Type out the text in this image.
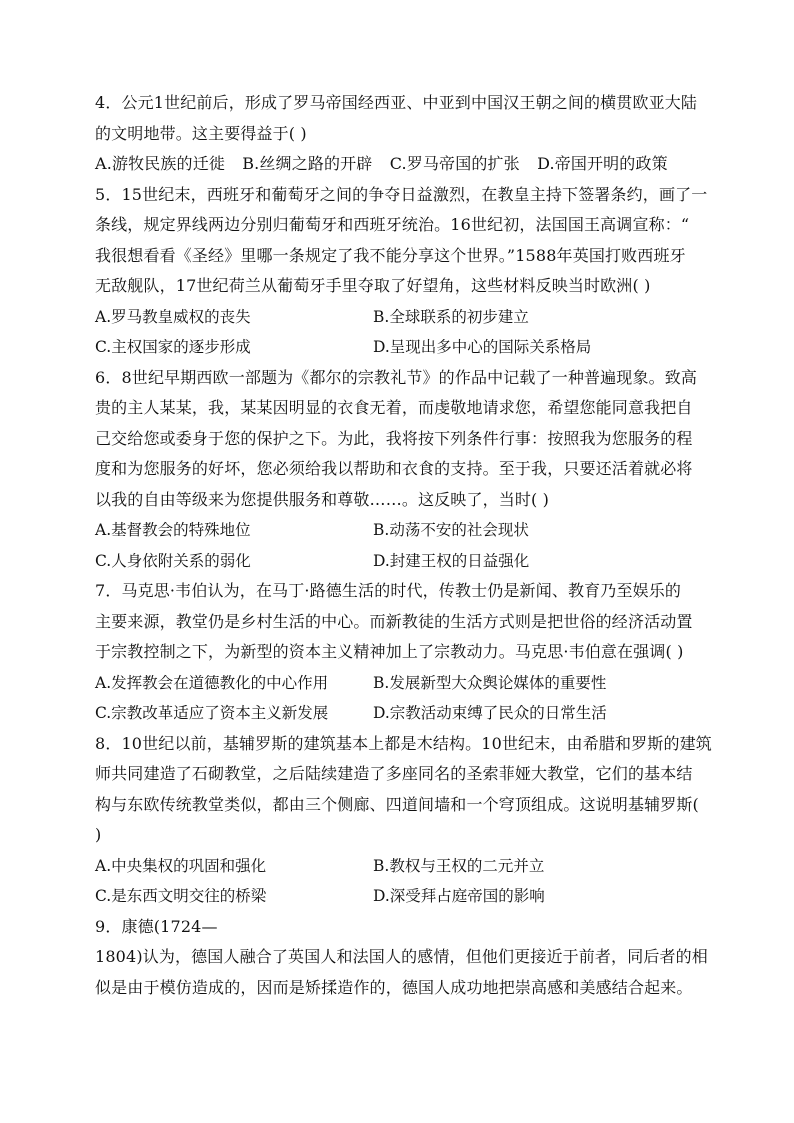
4．公元1世纪前后，形成了罗马帝国经西亚、中亚到中国汉王朝之间的横贯欧亚大陆
的文明地带。这主要得益于( )
A.游牧民族的迁徙 B.丝绸之路的开辟 C.罗马帝国的扩张 D.帝国开明的政策
5．15世纪末，西班牙和葡萄牙之间的争夺日益激烈，在教皇主持下签署条约，画了一
条线，规定界线两边分别归葡萄牙和西班牙统治。16世纪初，法国国王高调宣称：“
我很想看看《圣经》里哪一条规定了我不能分享这个世界。”1588年英国打败西班牙
无敌舰队，17世纪荷兰从葡萄牙手里夺取了好望角，这些材料反映当时欧洲( )
A.罗马教皇威权的丧失	B.全球联系的初步建立
C.主权国家的逐步形成	D.呈现出多中心的国际关系格局
6．8世纪早期西欧一部题为《都尔的宗教礼节》的作品中记载了一种普遍现象。致高
贵的主人某某，我，某某因明显的衣食无着，而虔敬地请求您，希望您能同意我把自
己交给您或委身于您的保护之下。为此，我将按下列条件行事：按照我为您服务的程
度和为您服务的好坏，您必须给我以帮助和衣食的支持。至于我，只要还活着就必将
以我的自由等级来为您提供服务和尊敬……。这反映了，当时( )
A.基督教会的特殊地位	B.动荡不安的社会现状
C.人身依附关系的弱化	D.封建王权的日益强化
7．马克思·韦伯认为，在马丁·路德生活的时代，传教士仍是新闻、教育乃至娱乐的
主要来源，教堂仍是乡村生活的中心。而新教徒的生活方式则是把世俗的经济活动置
于宗教控制之下，为新型的资本主义精神加上了宗教动力。马克思·韦伯意在强调( )
A.发挥教会在道德教化的中心作用	B.发展新型大众舆论媒体的重要性
C.宗教改革适应了资本主义新发展	D.宗教活动束缚了民众的日常生活
8．10世纪以前，基辅罗斯的建筑基本上都是木结构。10世纪末，由希腊和罗斯的建筑
师共同建造了石砌教堂，之后陆续建造了多座同名的圣索菲娅大教堂，它们的基本结
构与东欧传统教堂类似，都由三个侧廊、四道间墙和一个穹顶组成。这说明基辅罗斯(
)
A.中央集权的巩固和强化	B.教权与王权的二元并立
C.是东西文明交往的桥梁	D.深受拜占庭帝国的影响
9．康德(1724—
1804)认为，德国人融合了英国人和法国人的感情，但他们更接近于前者，同后者的相
似是由于模仿造成的，因而是矫揉造作的，德国人成功地把崇高感和美感结合起来。
